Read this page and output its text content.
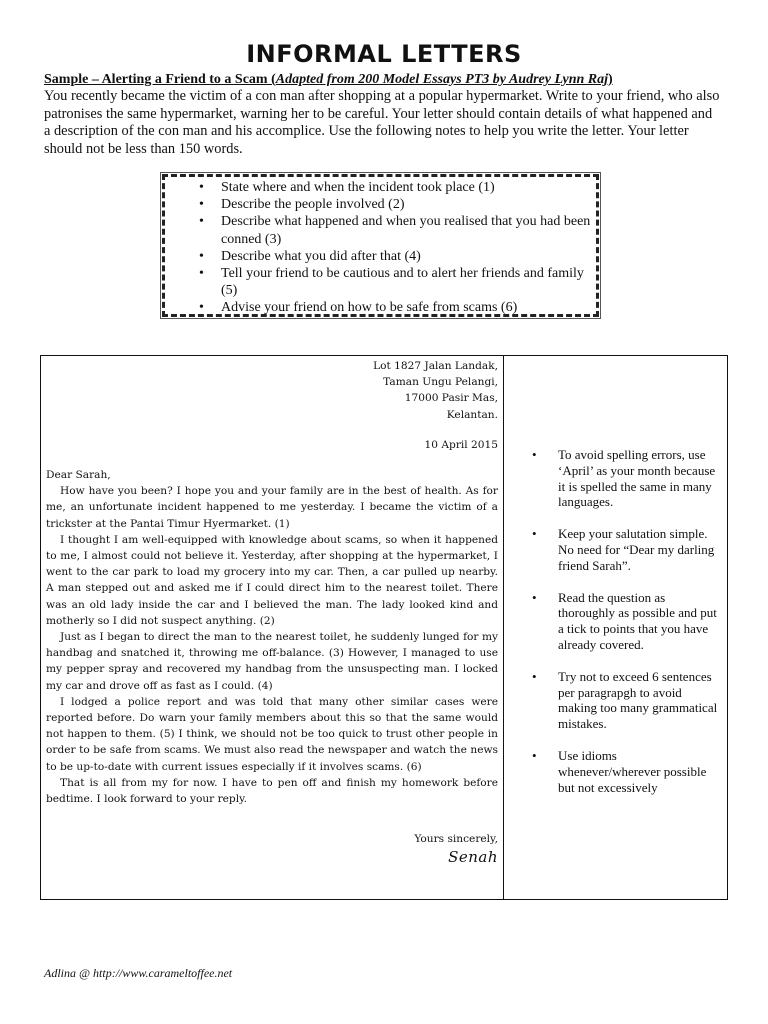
INFORMAL LETTERS
Sample – Alerting a Friend to a Scam (Adapted from 200 Model Essays PT3 by Audrey Lynn Raj)
You recently became the victim of a con man after shopping at a popular hypermarket. Write to your friend, who also patronises the same hypermarket, warning her to be careful. Your letter should contain details of what happened and a description of the con man and his accomplice. Use the following notes to help you write the letter. Your letter should not be less than 150 words.
• State where and when the incident took place (1)
• Describe the people involved (2)
• Describe what happened and when you realised that you had been conned (3)
• Describe what you did after that (4)
• Tell your friend to be cautious and to alert her friends and family (5)
• Advise your friend on how to be safe from scams (6)
Lot 1827 Jalan Landak,
Taman Ungu Pelangi,
17000 Pasir Mas,
Kelantan.
10 April 2015
Dear Sarah,
How have you been? I hope you and your family are in the best of health. As for me, an unfortunate incident happened to me yesterday. I became the victim of a trickster at the Pantai Timur Hyermarket. (1)
I thought I am well-equipped with knowledge about scams, so when it happened to me, I almost could not believe it. Yesterday, after shopping at the hypermarket, I went to the car park to load my grocery into my car. Then, a car pulled up nearby. A man stepped out and asked me if I could direct him to the nearest toilet. There was an old lady inside the car and I believed the man. The lady looked kind and motherly so I did not suspect anything. (2)
Just as I began to direct the man to the nearest toilet, he suddenly lunged for my handbag and snatched it, throwing me off-balance. (3) However, I managed to use my pepper spray and recovered my handbag from the unsuspecting man. I locked my car and drove off as fast as I could. (4)
I lodged a police report and was told that many other similar cases were reported before. Do warn your family members about this so that the same would not happen to them. (5) I think, we should not be too quick to trust other people in order to be safe from scams. We must also read the newspaper and watch the news to be up-to-date with current issues especially if it involves scams. (6)
That is all from my for now. I have to pen off and finish my homework before bedtime. I look forward to your reply.
Yours sincerely,
Senah
• To avoid spelling errors, use ‘April’ as your month because it is spelled the same in many languages.
• Keep your salutation simple. No need for “Dear my darling friend Sarah”.
• Read the question as thoroughly as possible and put a tick to points that you have already covered.
• Try not to exceed 6 sentences per paragrapgh to avoid making too many grammatical mistakes.
• Use idioms whenever/wherever possible but not excessively
Adlina @ http://www.carameltoffee.net
